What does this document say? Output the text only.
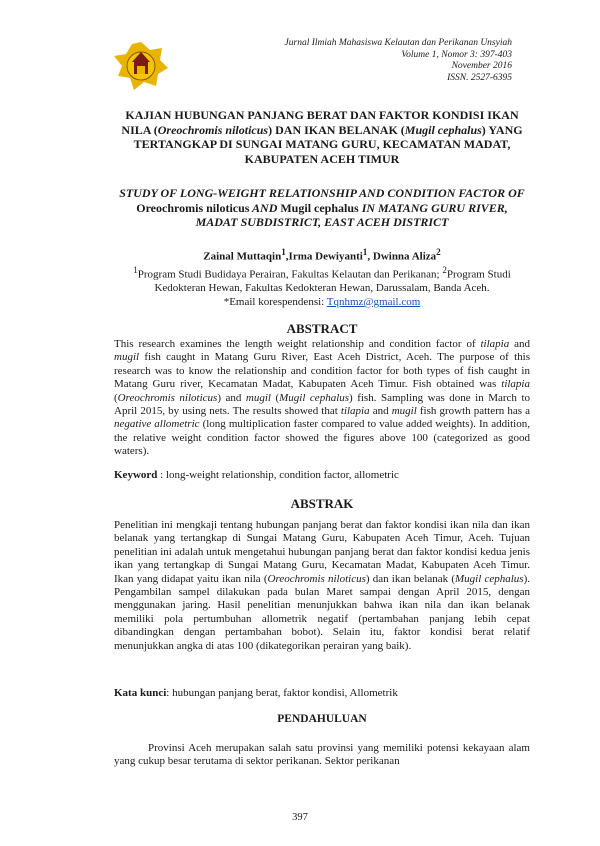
Jurnal Ilmiah Mahasiswa Kelautan dan Perikanan Unsyiah
Volume 1, Nomor 3: 397-403
November 2016
ISSN. 2527-6395
KAJIAN HUBUNGAN PANJANG BERAT DAN FAKTOR KONDISI IKAN NILA (Oreochromis niloticus) DAN IKAN BELANAK (Mugil cephalus) YANG TERTANGKAP DI SUNGAI MATANG GURU, KECAMATAN MADAT, KABUPATEN ACEH TIMUR
STUDY OF LONG-WEIGHT RELATIONSHIP AND CONDITION FACTOR OF Oreochromis niloticus AND Mugil cephalus IN MATANG GURU RIVER, MADAT SUBDISTRICT, EAST ACEH DISTRICT
Zainal Muttaqin$^1$,Irma Dewiyanti$^1$, Dwinna Aliza$^2$
$^1$Program Studi Budidaya Perairan, Fakultas Kelautan dan Perikanan; $^2$Program Studi Kedokteran Hewan, Fakultas Kedokteran Hewan, Darussalam, Banda Aceh.
*Email korespendensi: Tqnhmz@gmail.com
ABSTRACT
This research examines the length weight relationship and condition factor of tilapia and mugil fish caught in Matang Guru River, East Aceh District, Aceh. The purpose of this research was to know the relationship and condition factor for both types of fish caught in Matang Guru river, Kecamatan Madat, Kabupaten Aceh Timur. Fish obtained was tilapia (Oreochromis niloticus) and mugil (Mugil cephalus) fish. Sampling was done in March to April 2015, by using nets. The results showed that tilapia and mugil fish growth pattern has a negative allometric (long multiplication faster compared to value added weights). In addition, the relative weight condition factor showed the figures above 100 (categorized as good waters).
Keyword : long-weight relationship, condition factor, allometric
ABSTRAK
Penelitian ini mengkaji tentang hubungan panjang berat dan faktor kondisi ikan nila dan ikan belanak yang tertangkap di Sungai Matang Guru, Kabupaten Aceh Timur, Aceh. Tujuan penelitian ini adalah untuk mengetahui hubungan panjang berat dan faktor kondisi kedua jenis ikan yang tertangkap di Sungai Matang Guru, Kecamatan Madat, Kabupaten Aceh Timur. Ikan yang didapat yaitu ikan nila (Oreochromis niloticus) dan ikan belanak (Mugil cephalus). Pengambilan sampel dilakukan pada bulan Maret sampai dengan April 2015, dengan menggunakan jaring. Hasil penelitian menunjukkan bahwa ikan nila dan ikan belanak memiliki pola pertumbuhan allometrik negatif (pertambahan panjang lebih cepat dibandingkan dengan pertambahan bobot). Selain itu, faktor kondisi berat relatif menunjukkan angka di atas 100 (dikategorikan perairan yang baik).
Kata kunci: hubungan panjang berat, faktor kondisi, Allometrik
PENDAHULUAN
Provinsi Aceh merupakan salah satu provinsi yang memiliki potensi kekayaan alam yang cukup besar terutama di sektor perikanan. Sektor perikanan
397
